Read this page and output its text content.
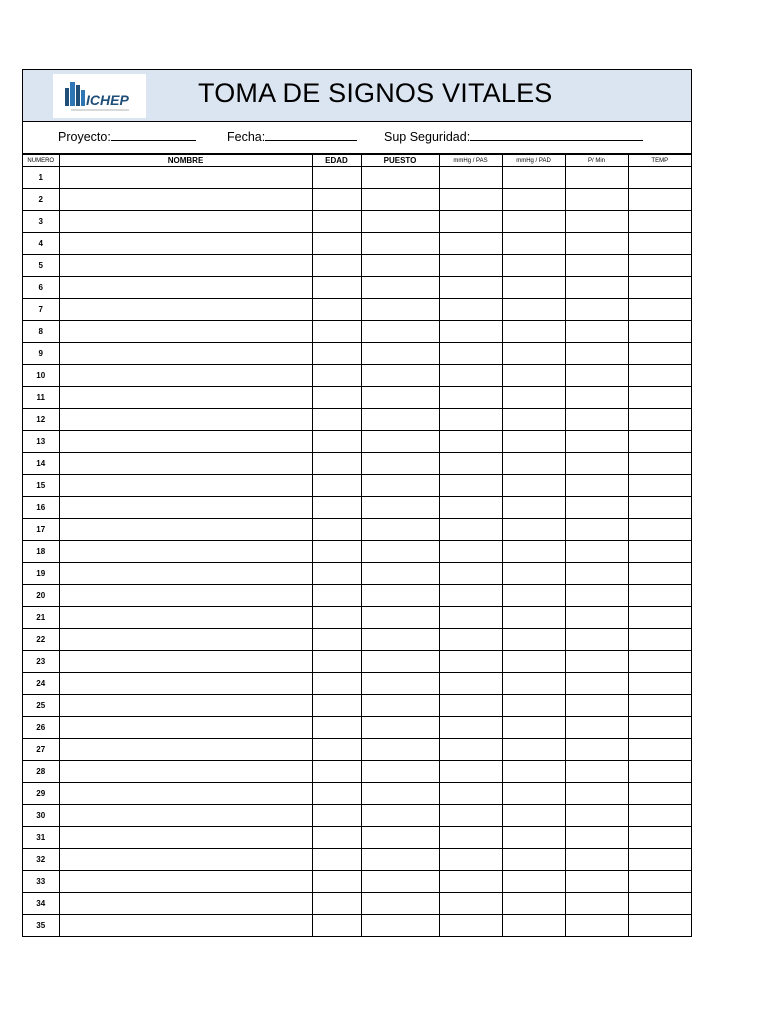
ICHEP	TOMA DE SIGNOS VITALES
Proyecto:	Fecha:	Sup Seguridad:
NUMERO	NOMBRE	EDAD	PUESTO	mmHg / PAS	mmHg / PAD	P/ Min	TEMP
1							
2							
3							
4							
5							
6							
7							
8							
9							
10							
11							
12							
13							
14							
15							
16							
17							
18							
19							
20							
21							
22							
23							
24							
25							
26							
27							
28							
29							
30							
31							
32							
33							
34							
35							
